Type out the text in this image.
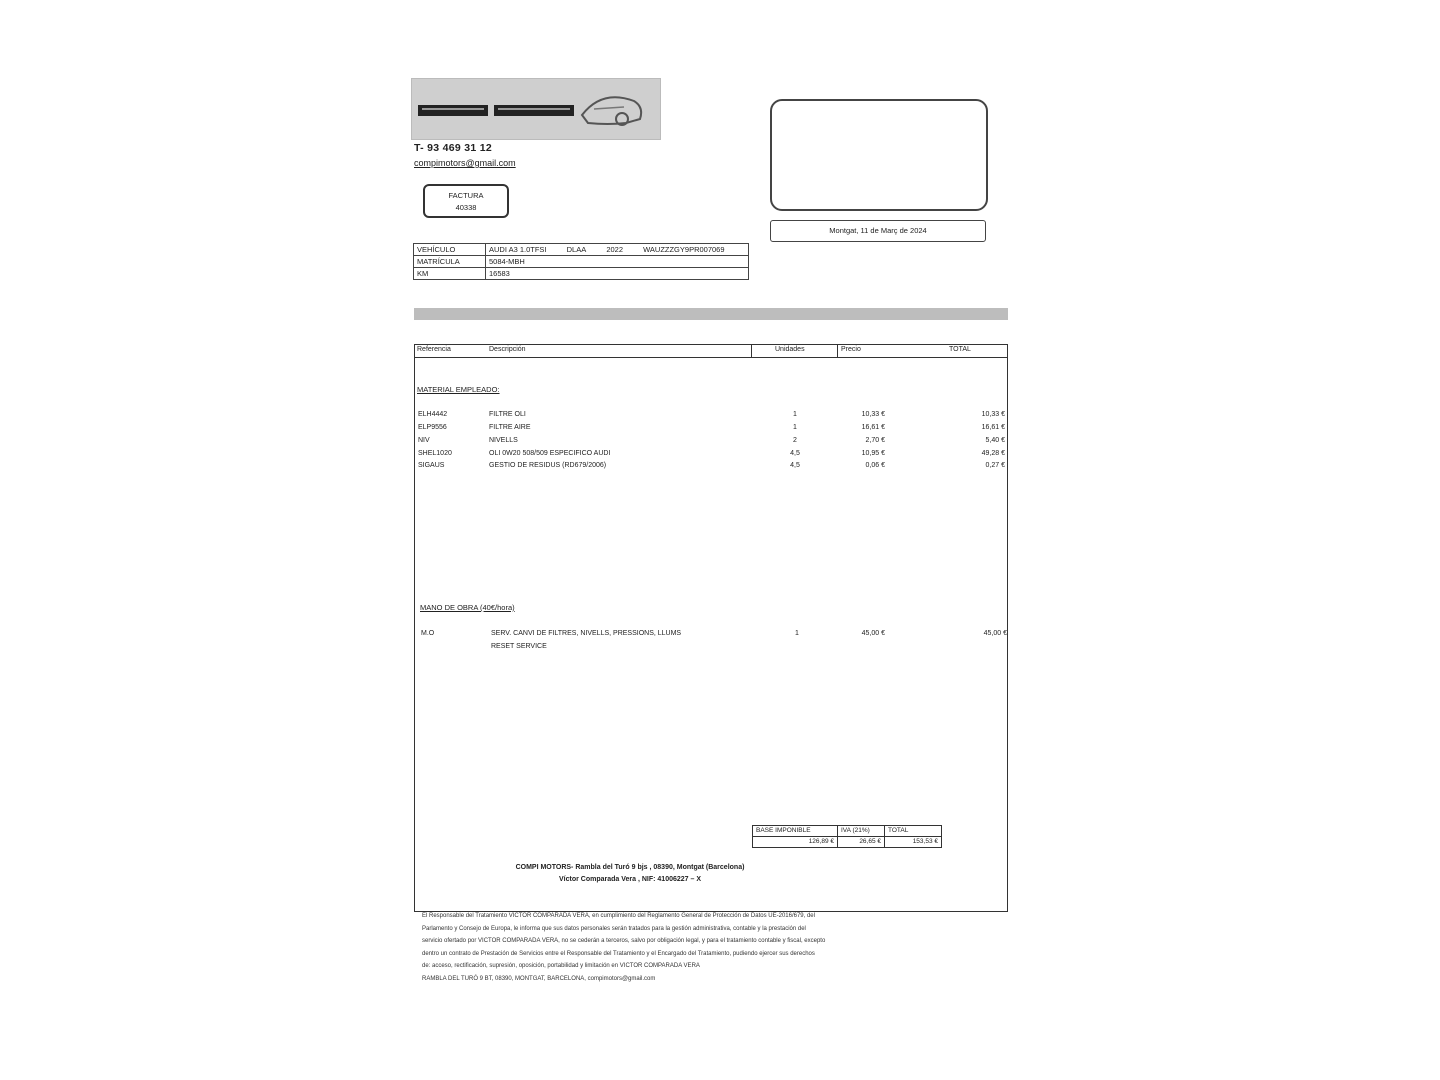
T- 93 469 31 12
compimotors@gmail.com
FACTURA
40338
Montgat, 11 de Març de 2024
VEHÍCULO	AUDI A3 1.0TFSI DLAA 2022 WAUZZZGY9PR007069
MATRÍCULA	5084-MBH
KM	16583
Referencia	Descripción	Unidades	Precio	TOTAL
MATERIAL EMPLEADO:
ELH4442	FILTRE OLI	1	10,33 €	10,33 €
ELP9556	FILTRE AIRE	1	16,61 €	16,61 €
NIV	NIVELLS	2	2,70 €	5,40 €
SHEL1020	OLI 0W20 508/509 ESPECIFICO AUDI	4,5	10,95 €	49,28 €
SIGAUS	GESTIO DE RESIDUS (RD679/2006)	4,5	0,06 €	0,27 €
MANO DE OBRA (40€/hora)
M.O	SERV. CANVI DE FILTRES, NIVELLS, PRESSIONS, LLUMS	1	45,00 €	45,00 €
RESET SERVICE
BASE IMPONIBLE	IVA (21%)	TOTAL
126,89 €	26,65 €	153,53 €
COMPI MOTORS- Rambla del Turó 9 bjs , 08390, Montgat (Barcelona)
Víctor Comparada Vera , NIF: 41006227 – X

El Responsable del Tratamiento VICTOR COMPARADA VERA, en cumplimiento del Reglamento General de Protección de Datos UE-2016/679, del

Parlamento y Consejo de Europa, le informa que sus datos personales serán tratados para la gestión administrativa, contable y la prestación del

servicio ofertado por VICTOR COMPARADA VERA, no se cederán a terceros, salvo por obligación legal, y para el tratamiento contable y fiscal, excepto

dentro un contrato de Prestación de Servicios entre el Responsable del Tratamiento y el Encargado del Tratamiento, pudiendo ejercer sus derechos

de: acceso, rectificación, supresión, oposición, portabilidad y limitación en VICTOR COMPARADA VERA

RAMBLA DEL TURÓ 9 BT, 08390, MONTGAT, BARCELONA, compimotors@gmail.com
